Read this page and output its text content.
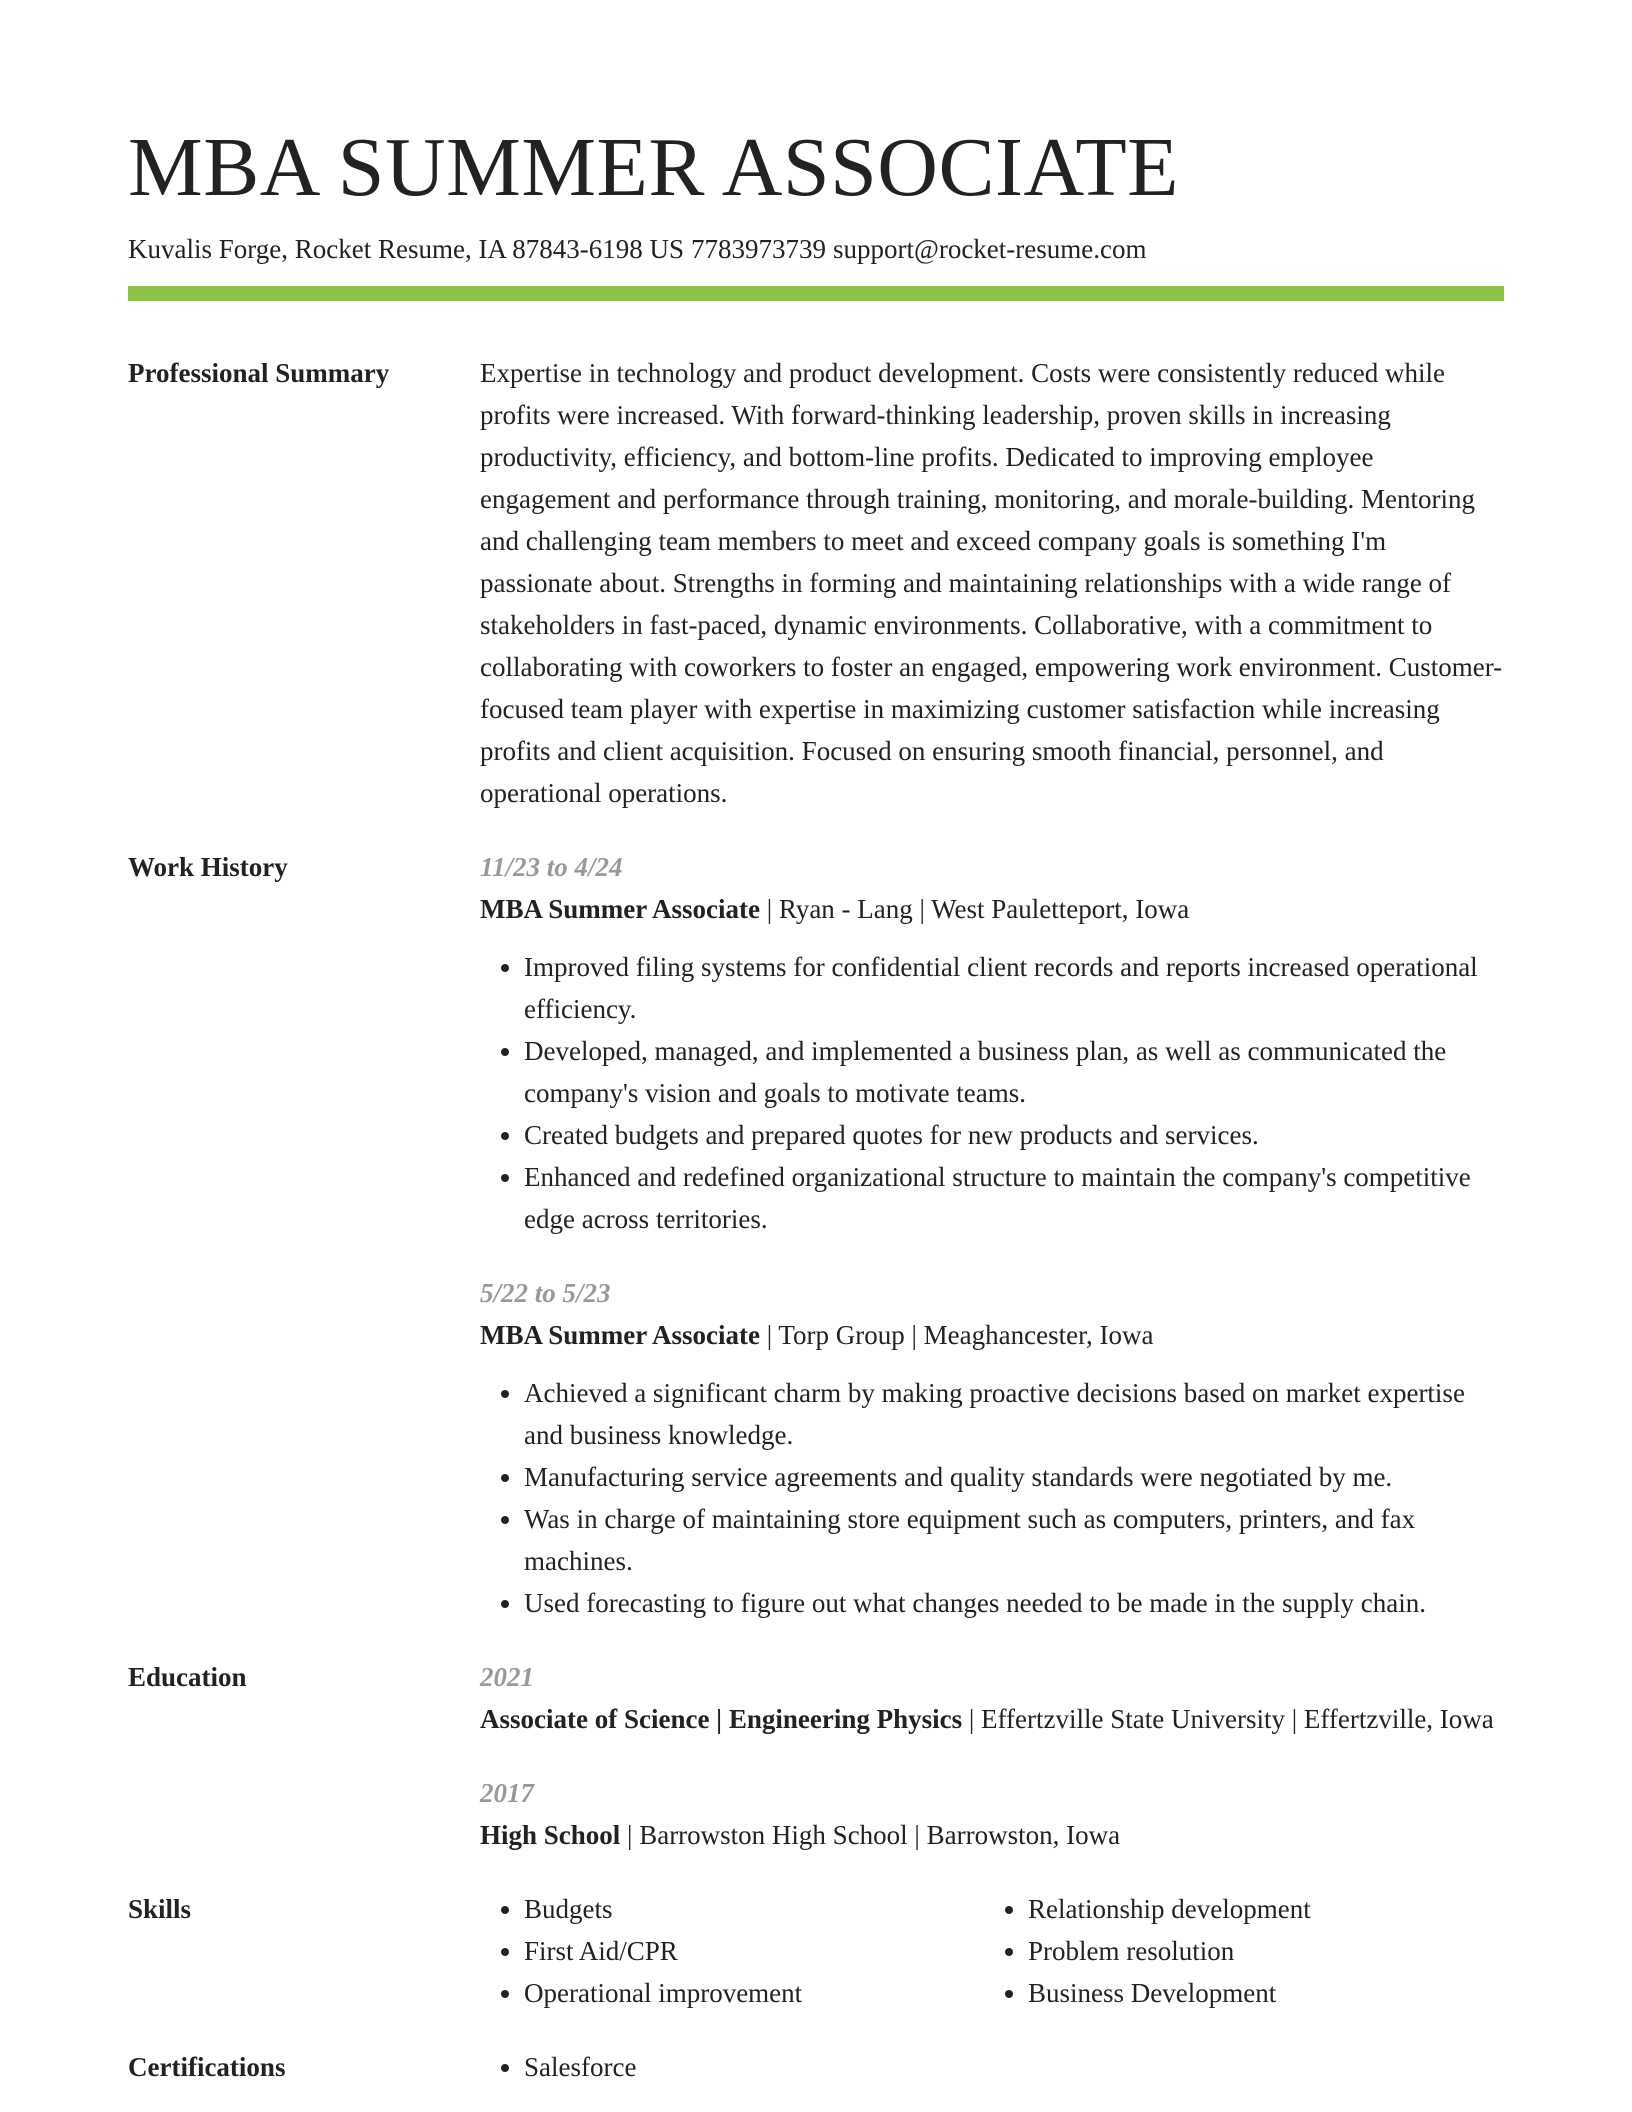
MBA SUMMER ASSOCIATE
Kuvalis Forge, Rocket Resume, IA 87843-6198 US 7783973739 support@rocket-resume.com
Professional Summary	Expertise in technology and product development. Costs were consistently reduced while profits were increased. With forward-thinking leadership, proven skills in increasing productivity, efficiency, and bottom-line profits. Dedicated to improving employee engagement and performance through training, monitoring, and morale-building. Mentoring and challenging team members to meet and exceed company goals is something I'm passionate about. Strengths in forming and maintaining relationships with a wide range of stakeholders in fast-paced, dynamic environments. Collaborative, with a commitment to collaborating with coworkers to foster an engaged, empowering work environment. Customer-focused team player with expertise in maximizing customer satisfaction while increasing profits and client acquisition. Focused on ensuring smooth financial, personnel, and operational operations.

Work History	11/23 to 4/24
MBA Summer Associate | Ryan - Lang | West Pauletteport, Iowa
• Improved filing systems for confidential client records and reports increased operational efficiency.
• Developed, managed, and implemented a business plan, as well as communicated the company's vision and goals to motivate teams.
• Created budgets and prepared quotes for new products and services.
• Enhanced and redefined organizational structure to maintain the company's competitive edge across territories.
5/22 to 5/23
MBA Summer Associate | Torp Group | Meaghancester, Iowa
• Achieved a significant charm by making proactive decisions based on market expertise and business knowledge.
• Manufacturing service agreements and quality standards were negotiated by me.
• Was in charge of maintaining store equipment such as computers, printers, and fax machines.
• Used forecasting to figure out what changes needed to be made in the supply chain.
Education	2021
Associate of Science | Engineering Physics | Effertzville State University | Effertzville, Iowa
2017
High School | Barrowston High School | Barrowston, Iowa
Skills	• Budgets
• First Aid/CPR
• Operational improvement
• Relationship development
• Problem resolution
• Business Development
Certifications	• Salesforce
